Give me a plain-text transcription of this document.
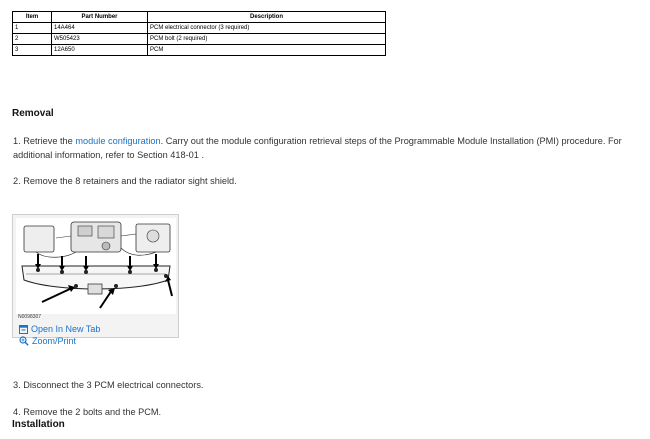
Item	Part Number	Description
1	14A464	PCM electrical connector (3 required)
2	W505423	PCM bolt (2 required)
3	12A650	PCM
Removal
1. Retrieve the module configuration. Carry out the module configuration retrieval steps of the Programmable Module Installation (PMI) procedure. For additional information, refer to Section 418-01 .
2. Remove the 8 retainers and the radiator sight shield.
N0098307
Open In New Tab

Zoom/Print
3. Disconnect the 3 PCM electrical connectors.
4. Remove the 2 bolts and the PCM.
Installation
